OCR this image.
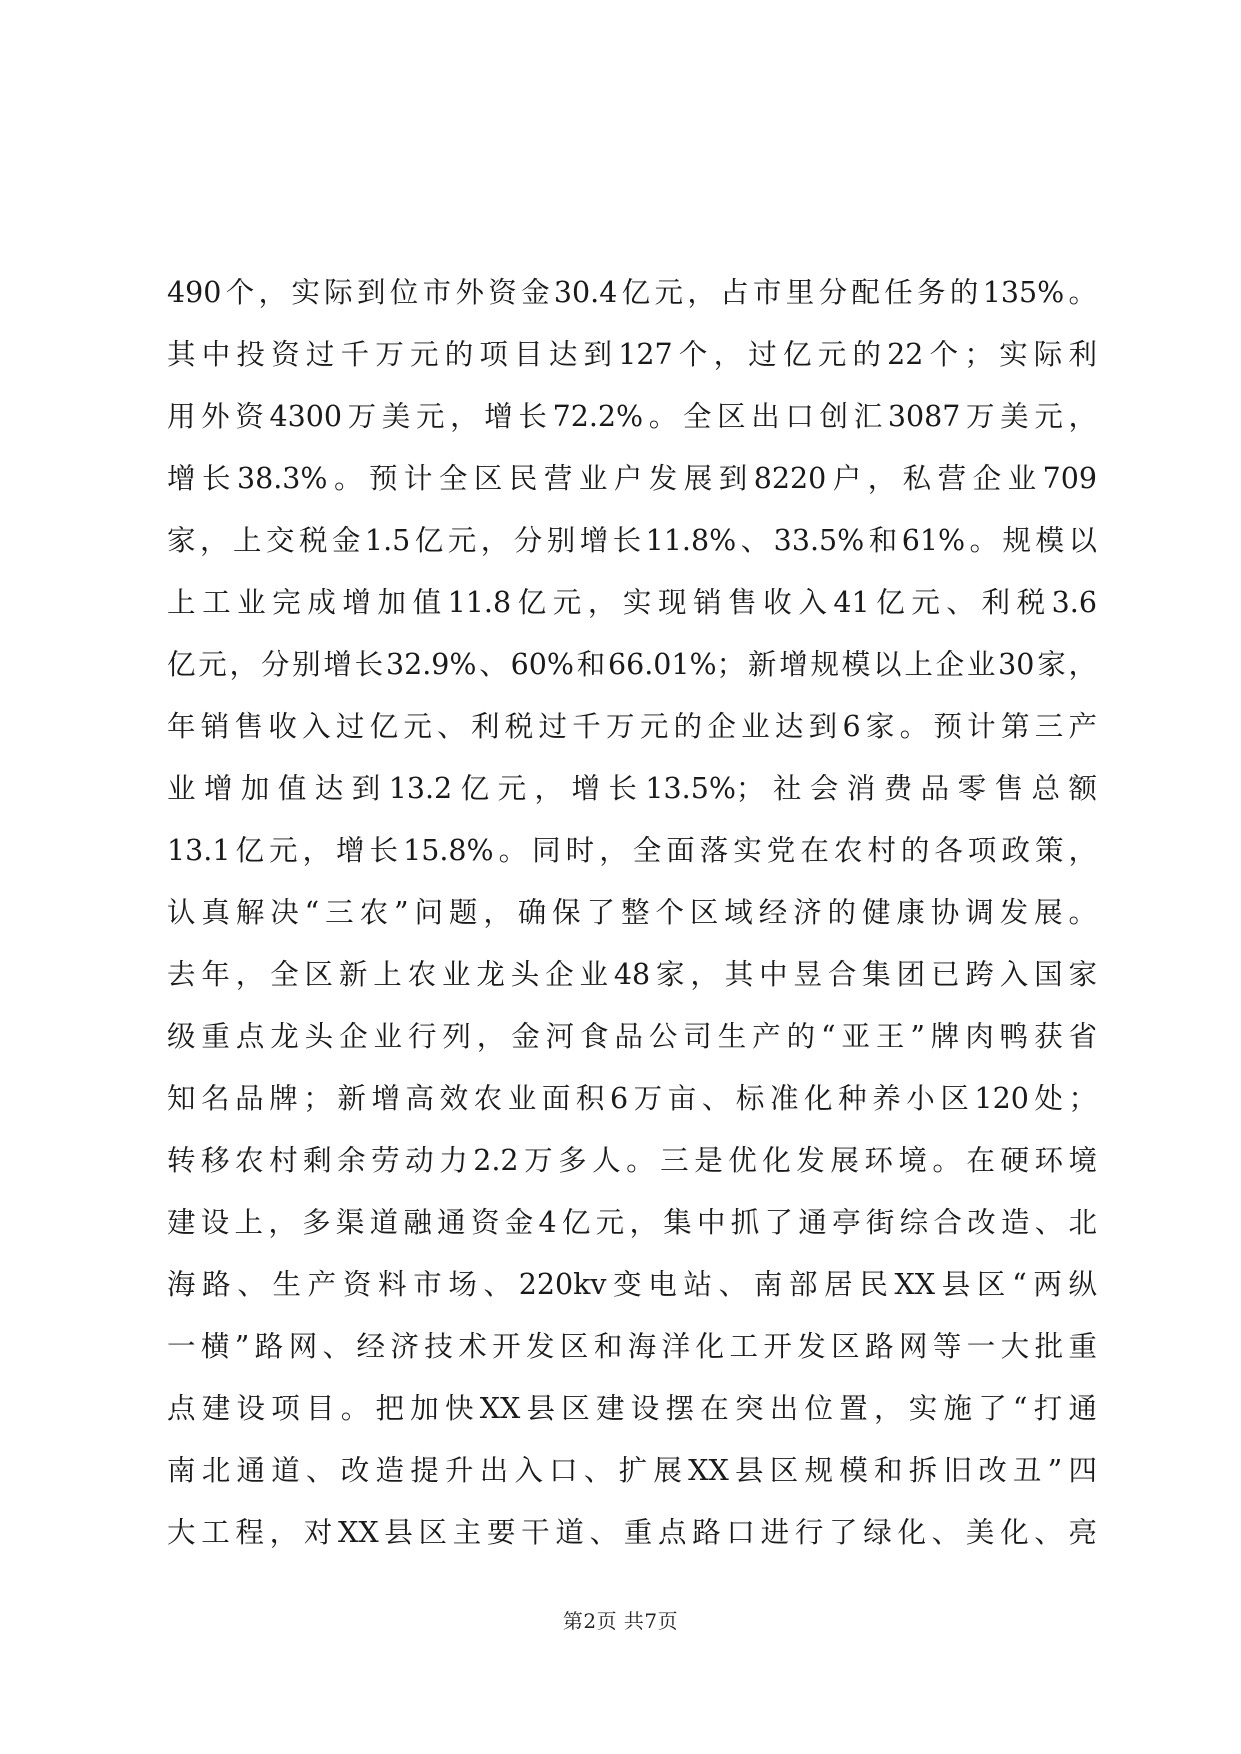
490个，实际到位市外资金30.4亿元，占市里分配任务的135%。
其中投资过千万元的项目达到127个，过亿元的22个；实际利
用外资4300万美元，增长72.2%。全区出口创汇3087万美元，
增长38.3%。预计全区民营业户发展到8220户，私营企业709
家，上交税金1.5亿元，分别增长11.8%、33.5%和61%。规模以
上工业完成增加值11.8亿元，实现销售收入41亿元、利税3.6
亿元，分别增长32.9%、60%和66.01%；新增规模以上企业30家，
年销售收入过亿元、利税过千万元的企业达到6家。预计第三产
业增加值达到13.2亿元，增长13.5%；社会消费品零售总额
13.1亿元，增长15.8%。同时，全面落实党在农村的各项政策，
认真解决“三农”问题，确保了整个区域经济的健康协调发展。
去年，全区新上农业龙头企业48家，其中昱合集团已跨入国家
级重点龙头企业行列，金河食品公司生产的“亚王”牌肉鸭获省
知名品牌；新增高效农业面积6万亩、标准化种养小区120处；
转移农村剩余劳动力2.2万多人。三是优化发展环境。在硬环境
建设上，多渠道融通资金4亿元，集中抓了通亭街综合改造、北
海路、生产资料市场、220kv变电站、南部居民XX县区“两纵
一横”路网、经济技术开发区和海洋化工开发区路网等一大批重
点建设项目。把加快XX县区建设摆在突出位置，实施了“打通
南北通道、改造提升出入口、扩展XX县区规模和拆旧改丑”四
大工程，对XX县区主要干道、重点路口进行了绿化、美化、亮
第2页 共7页
